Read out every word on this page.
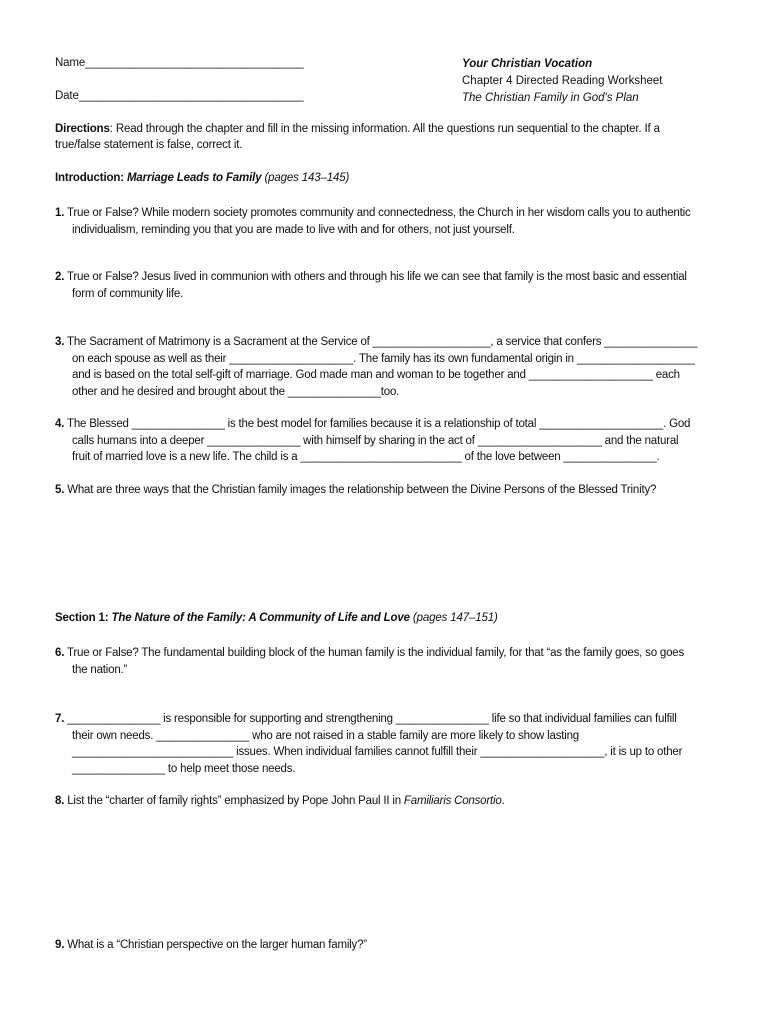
Name___________________________________
Date____________________________________
Your Christian Vocation
Chapter 4 Directed Reading Worksheet
The Christian Family in God's Plan
Directions: Read through the chapter and fill in the missing information. All the questions run sequential to the chapter. If a
true/false statement is false, correct it.
Introduction: Marriage Leads to Family (pages 143–145)
1. True or False? While modern society promotes community and connectedness, the Church in her wisdom calls you to authentic
individualism, reminding you that you are made to live with and for others, not just yourself.
2. True or False? Jesus lived in communion with others and through his life we can see that family is the most basic and essential
form of community life.
3. The Sacrament of Matrimony is a Sacrament at the Service of ___________________, a service that confers _______________
on each spouse as well as their ____________________. The family has its own fundamental origin in ___________________
and is based on the total self-gift of marriage. God made man and woman to be together and ____________________ each
other and he desired and brought about the _______________too.
4. The Blessed _______________ is the best model for families because it is a relationship of total ____________________. God
calls humans into a deeper _______________ with himself by sharing in the act of ____________________ and the natural
fruit of married love is a new life. The child is a __________________________ of the love between _______________.
5. What are three ways that the Christian family images the relationship between the Divine Persons of the Blessed Trinity?
Section 1: The Nature of the Family: A Community of Life and Love (pages 147–151)
6. True or False? The fundamental building block of the human family is the individual family, for that “as the family goes, so goes
the nation.”
7. _______________ is responsible for supporting and strengthening _______________ life so that individual families can fulfill
their own needs. _______________ who are not raised in a stable family are more likely to show lasting
__________________________ issues. When individual families cannot fulfill their ____________________, it is up to other
_______________ to help meet those needs.
8. List the “charter of family rights” emphasized by Pope John Paul II in Familiaris Consortio.
9. What is a “Christian perspective on the larger human family?”
